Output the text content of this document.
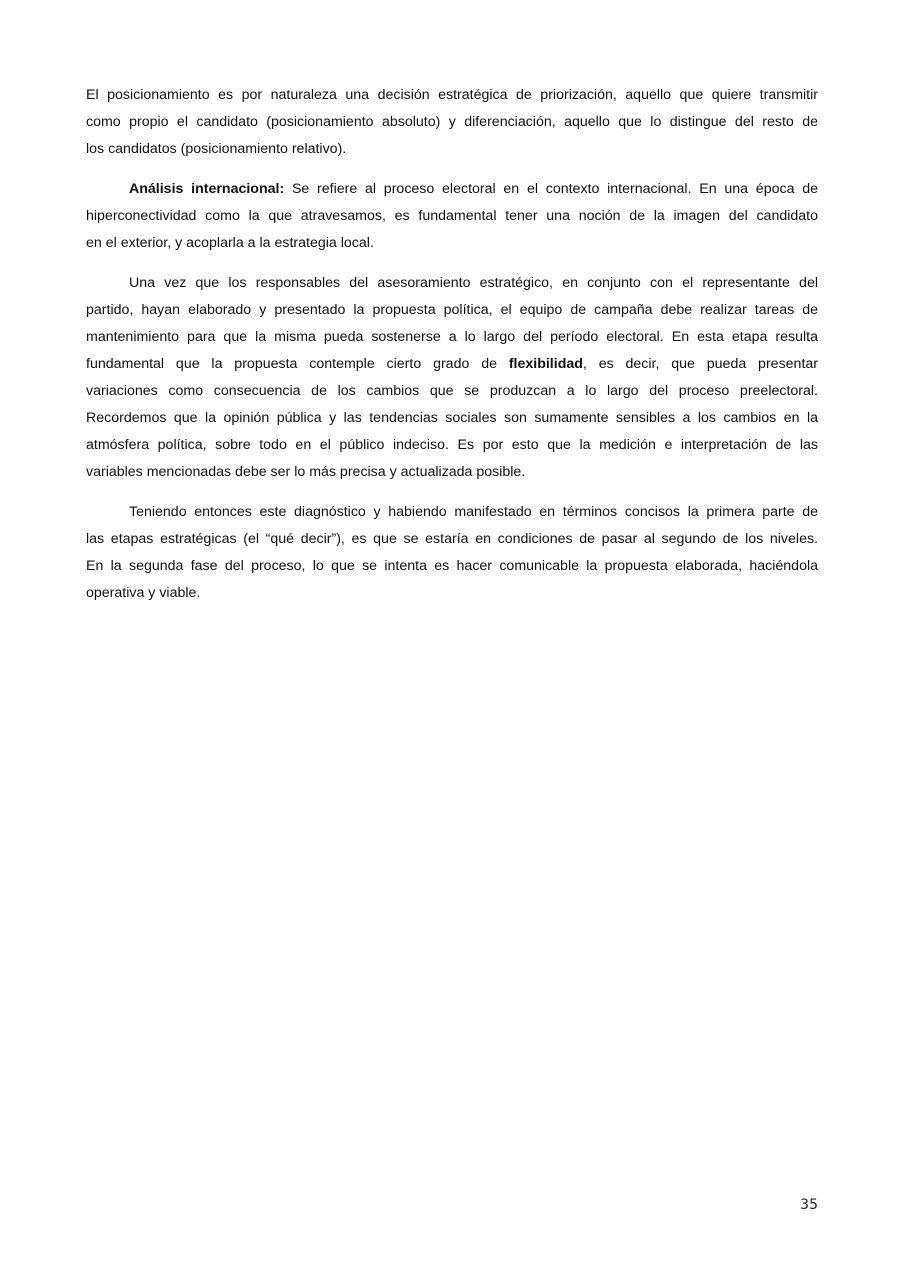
El posicionamiento es por naturaleza una decisión estratégica de priorización, aquello que quiere transmitir
como propio el candidato (posicionamiento absoluto) y diferenciación, aquello que lo distingue del resto de
los candidatos (posicionamiento relativo).

Análisis internacional: Se refiere al proceso electoral en el contexto internacional. En una época de
hiperconectividad como la que atravesamos, es fundamental tener una noción de la imagen del candidato
en el exterior, y acoplarla a la estrategia local.

Una vez que los responsables del asesoramiento estratégico, en conjunto con el representante del
partido, hayan elaborado y presentado la propuesta política, el equipo de campaña debe realizar tareas de
mantenimiento para que la misma pueda sostenerse a lo largo del período electoral. En esta etapa resulta
fundamental que la propuesta contemple cierto grado de flexibilidad, es decir, que pueda presentar
variaciones como consecuencia de los cambios que se produzcan a lo largo del proceso preelectoral.
Recordemos que la opinión pública y las tendencias sociales son sumamente sensibles a los cambios en la
atmósfera política, sobre todo en el público indeciso. Es por esto que la medición e interpretación de las
variables mencionadas debe ser lo más precisa y actualizada posible.

Teniendo entonces este diagnóstico y habiendo manifestado en términos concisos la primera parte de
las etapas estratégicas (el “qué decir”), es que se estaría en condiciones de pasar al segundo de los niveles.
En la segunda fase del proceso, lo que se intenta es hacer comunicable la propuesta elaborada, haciéndola
operativa y viable.

35
